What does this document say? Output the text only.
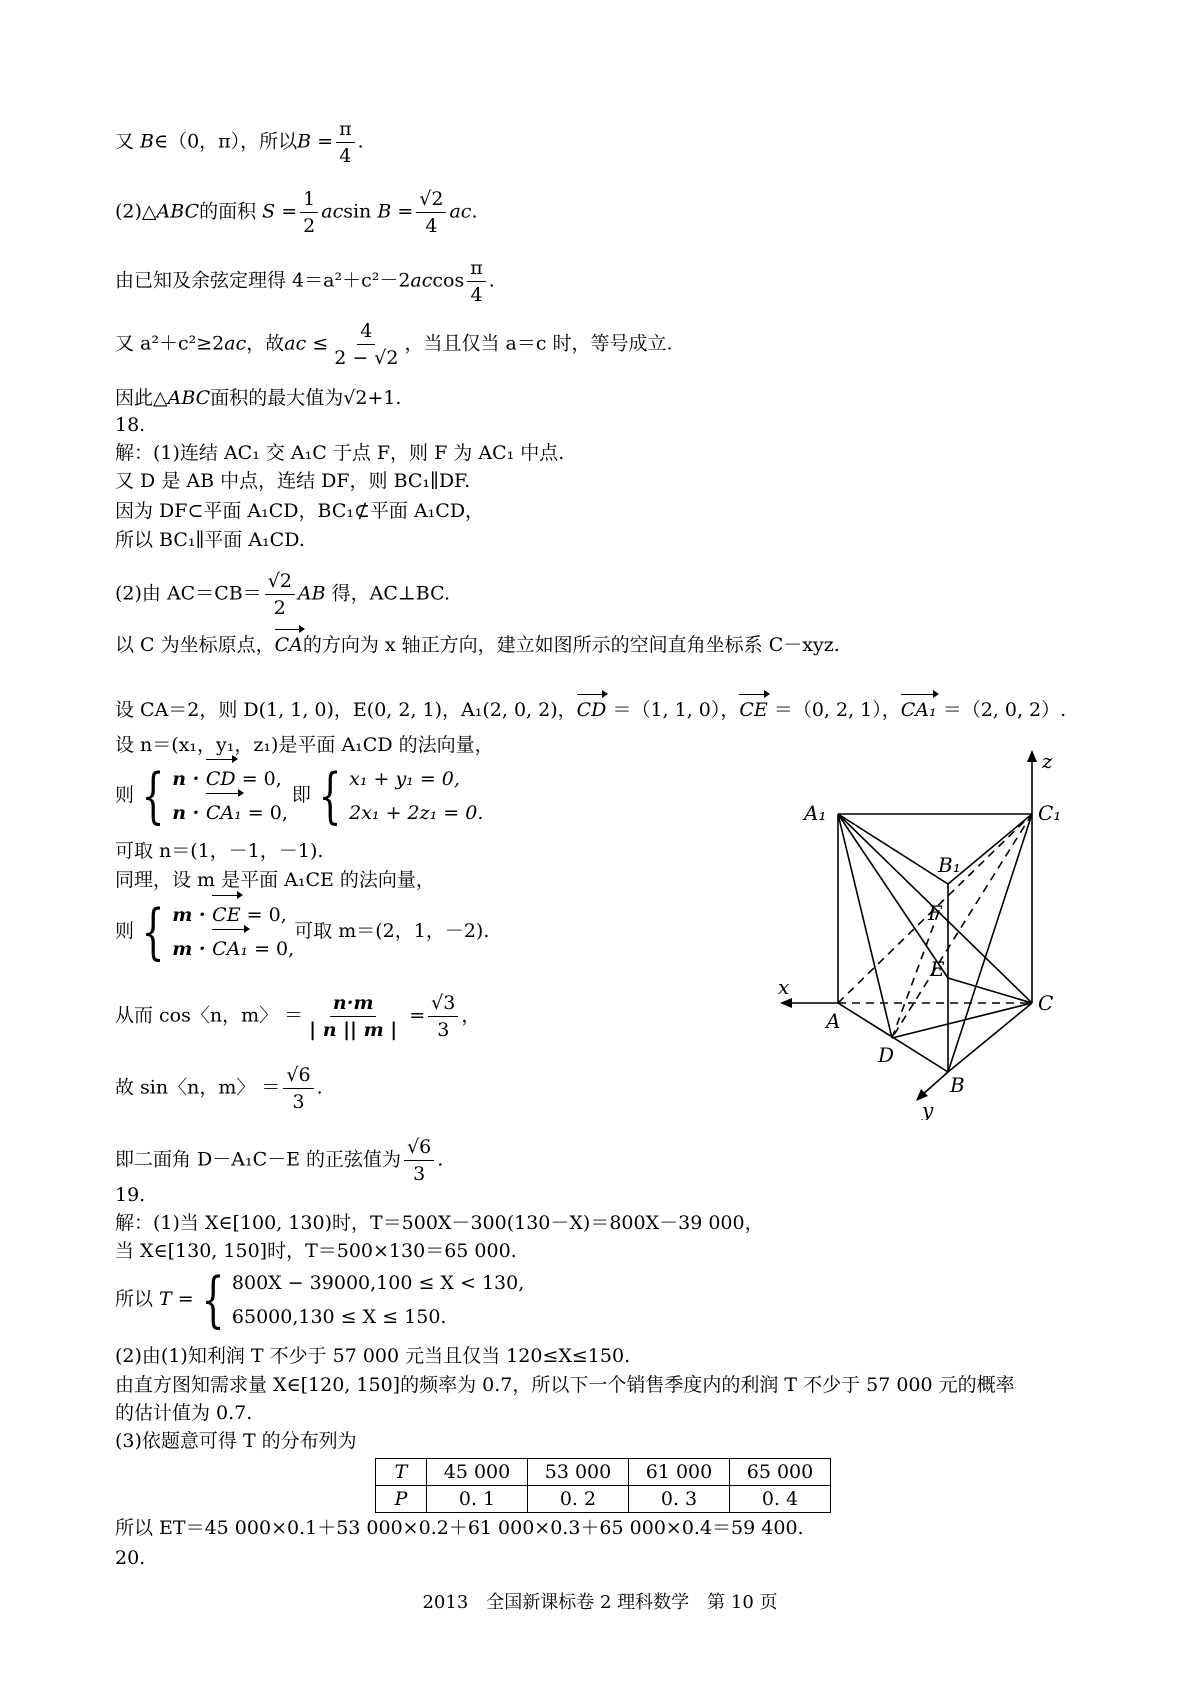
又 B∈（0，π），所以$B = \frac{\pi}{4}$ .
(2)△ABC的面积 $S = \frac{1}{2}$ acsin $B = \frac{√2}{4}$ ac.
由已知及余弦定理得 $4=a^2+c^2-2accos \frac{\pi}{4}$ .
又 a²＋c²≥2ac，故ac ≤ $\frac{4}{2 - √2}$ ，当且仅当 a＝c 时，等号成立.
因此△ABC面积的最大值为√2+1.
18.
解：(1)连结 AC₁ 交 A₁C 于点 F，则 F 为 AC₁ 中点.
又 D 是 AB 中点，连结 DF，则 BC₁∥DF.
因为 DF⊂平面 A₁CD，BC₁⊄平面 A₁CD，
所以 BC₁∥平面 A₁CD.
(2)由 $AC=CB= \frac{√2}{2}$ AB 得，AC⊥BC.
以 C 为坐标原点，CA的方向为 x 轴正方向，建立如图所示的空间直角坐标系 C－xyz.
设 CA＝2，则 D(1, 1, 0)，E(0, 2, 1)，A₁(2, 0, 2)，CD ＝（1, 1, 0），CE ＝（0, 2, 1），CA₁ ＝（2, 0, 2）.
设 n＝(x₁，y₁，z₁)是平面 A₁CD 的法向量，
则 { n · CD = 0,
n · CA₁ = 0,
即 { x₁ + y₁ = 0,
2x₁ + 2z₁ = 0.
可取 n＝(1，－1，－1).
同理，设 m 是平面 A₁CE 的法向量，
则 { m · CE = 0,
m · CA₁ = 0,
可取 m＝(2，1，－2).
从而 cos〈n，m〉 ＝ $\frac{n\cdot m}{| n || m |} = \frac{√3}{3}$ ，
故 sin〈n，m〉 ＝ $\frac{√6}{3}$ .
即二面角 D－A₁C－E 的正弦值为 $\frac{√6}{3}$ .
19.
解：(1)当 X∈[100, 130)时，T＝500X－300(130－X)＝800X－39 000，
当 X∈[130, 150]时，T＝500×130＝65 000.
所以 T = { 800X − 39000,100 ≤ X < 130,
65000,130 ≤ X ≤ 150.
(2)由(1)知利润 T 不少于 57 000 元当且仅当 120≤X≤150.
由直方图知需求量 X∈[120, 150]的频率为 0.7，所以下一个销售季度内的利润 T 不少于 57 000 元的概率
的估计值为 0.7.
(3)依题意可得 T 的分布列为
T	45 000	53 000	61 000	65 000
P	0. 1	0. 2	0. 3	0. 4
所以 ET＝45 000×0.1＋53 000×0.2＋61 000×0.3＋65 000×0.4＝59 400.
20.
z
A₁	C₁
B₁
F
E
x
A
C
D
B
y
2013　全国新课标卷 2 理科数学　第 10 页
